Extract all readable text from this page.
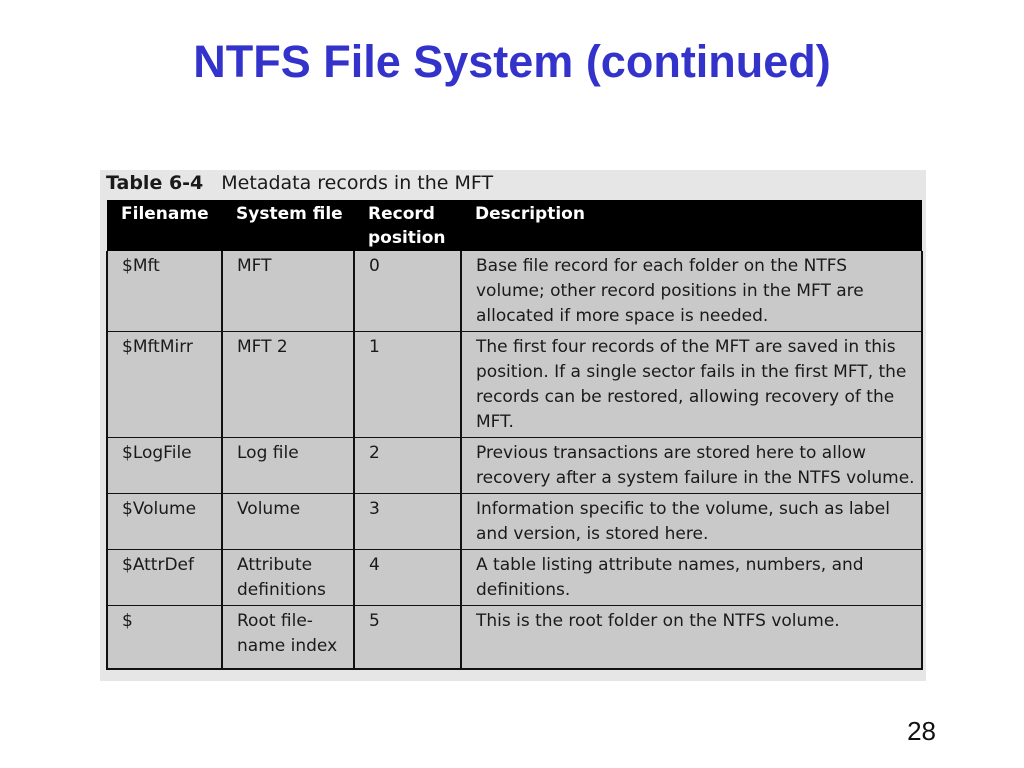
NTFS File System (continued)
Table 6-4 Metadata records in the MFT
Filename	System file	Record position	Description
$Mft	MFT	0	Base file record for each folder on the NTFS volume; other record positions in the MFT are allocated if more space is needed.
$MftMirr	MFT 2	1	The first four records of the MFT are saved in this position. If a single sector fails in the first MFT, the records can be restored, allowing recovery of the MFT.
$LogFile	Log file	2	Previous transactions are stored here to allow recovery after a system failure in the NTFS volume.
$Volume	Volume	3	Information specific to the volume, such as label and version, is stored here.
$AttrDef	Attribute definitions	4	A table listing attribute names, numbers, and definitions.
$	Root file-name index	5	This is the root folder on the NTFS volume.
28
